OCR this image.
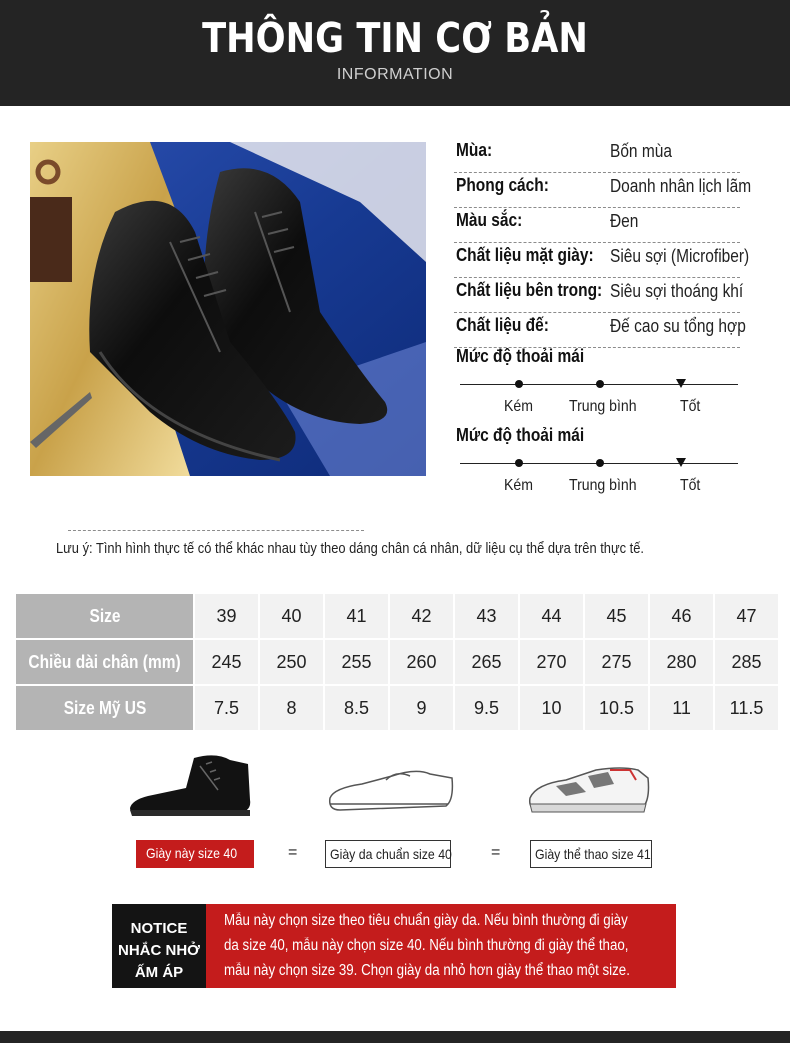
THÔNG TIN CƠ BẢN
INFORMATION
Mùa:	Bốn mùa
Phong cách:	Doanh nhân lịch lãm
Màu sắc:	Đen
Chất liệu mặt giày: Siêu sợi (Microfiber)
Chất liệu bên trong: Siêu sợi thoáng khí
Chất liệu đế:	Đế cao su tổng hợp
Mức độ thoải mái
Kém Trung bình	Tốt
Mức độ thoải mái
Kém Trung bình	Tốt
Lưu ý: Tình hình thực tế có thể khác nhau tùy theo dáng chân cá nhân, dữ liệu cụ thể dựa trên thực tế.
Size	39	40	41	42	43	44	45	46	47
Chiều dài chân (mm)	245	250	255	260	265	270	275	280	285
Size Mỹ US	7.5	8	8.5	9	9.5	10	10.5	11	11.5
Giày này size 40	=	Giày da chuẩn size 40 =	Giày thể thao size 41
NOTICE
NHẮC NHỞ
ẤM ÁP
Mẫu này chọn size theo tiêu chuẩn giày da. Nếu bình thường đi giày
da size 40, mẫu này chọn size 40. Nếu bình thường đi giày thể thao,
mẫu này chọn size 39. Chọn giày da nhỏ hơn giày thể thao một size.
